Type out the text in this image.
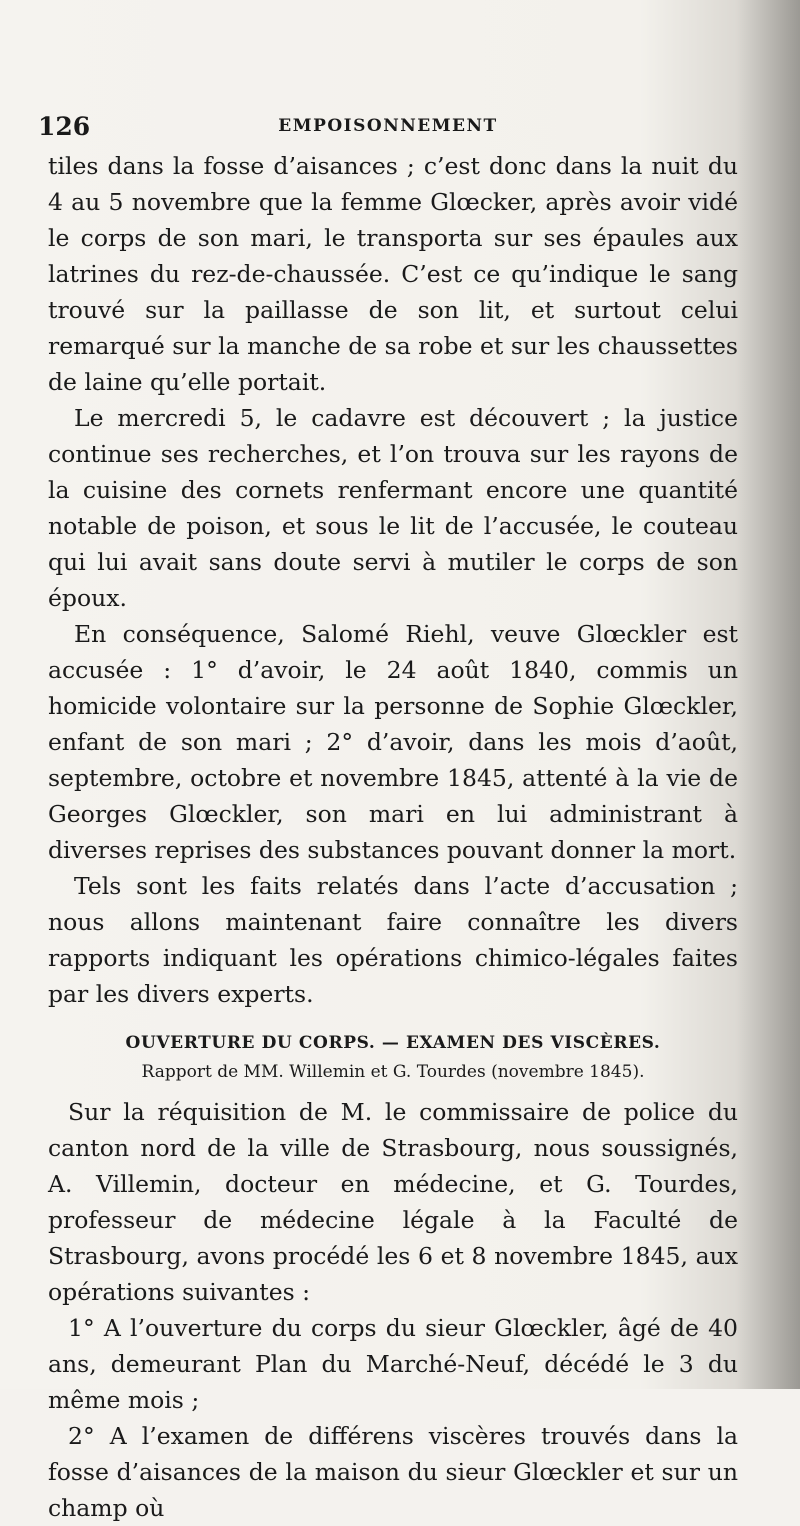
126	EMPOISONNEMENT

tiles dans la fosse d’aisances ; c’est donc dans la nuit du 4 au 5 novembre que la femme Glœcker, après avoir vidé le corps de son mari, le transporta sur ses épaules aux latrines du rez-de-chaussée. C’est ce qu’indique le sang trouvé sur la paillasse de son lit, et surtout celui remarqué sur la manche de sa robe et sur les chaussettes de laine qu’elle portait.

Le mercredi 5, le cadavre est découvert ; la justice continue ses recherches, et l’on trouva sur les rayons de la cuisine des cornets renfermant encore une quantité notable de poison, et sous le lit de l’accusée, le couteau qui lui avait sans doute servi à mutiler le corps de son époux.

En conséquence, Salomé Riehl, veuve Glœckler est accusée : 1° d’avoir, le 24 août 1840, commis un homicide volontaire sur la personne de Sophie Glœckler, enfant de son mari ; 2° d’avoir, dans les mois d’août, septembre, octobre et novembre 1845, attenté à la vie de Georges Glœckler, son mari en lui administrant à diverses reprises des substances pouvant donner la mort.

Tels sont les faits relatés dans l’acte d’accusation ; nous allons maintenant faire connaître les divers rapports indiquant les opérations chimico-légales faites par les divers experts.

OUVERTURE DU CORPS. — EXAMEN DES VISCÈRES.
Rapport de MM. Willemin et G. Tourdes (novembre 1845).

Sur la réquisition de M. le commissaire de police du canton nord de la ville de Strasbourg, nous soussignés, A. Villemin, docteur en médecine, et G. Tourdes, professeur de médecine légale à la Faculté de Strasbourg, avons procédé les 6 et 8 novembre 1845, aux opérations suivantes :

1° A l’ouverture du corps du sieur Glœckler, âgé de 40 ans, demeurant Plan du Marché-Neuf, décédé le 3 du même mois ;

2° A l’examen de différens viscères trouvés dans la fosse d’aisances de la maison du sieur Glœckler et sur un champ où
